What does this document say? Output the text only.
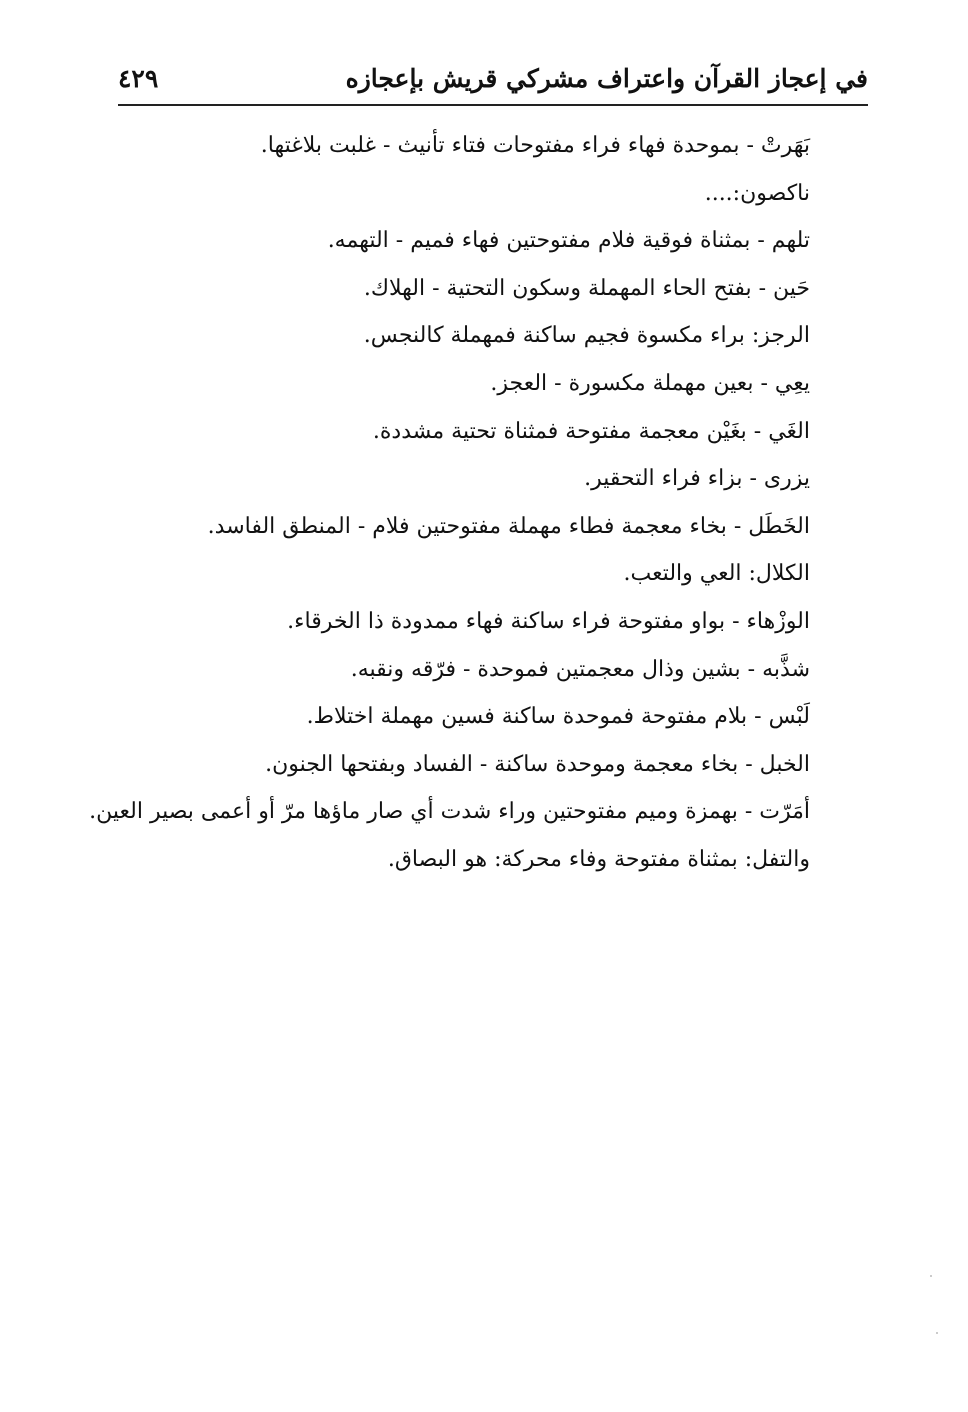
في إعجاز القرآن واعتراف مشركي قريش بإعجازه
٤٢٩
بَهَرتْ - بموحدة فهاء فراء مفتوحات فتاء تأنيث - غلبت بلاغتها.
ناكصون:....
تلهم - بمثناة فوقية فلام مفتوحتين فهاء فميم - التهمه.
حَين - بفتح الحاء المهملة وسكون التحتية - الهلاك.
الرجز: براء مكسوة فجيم ساكنة فمهملة كالنجس.
يعِي - بعين مهملة مكسورة - العجز.
الغَي - بغَيْن معجمة مفتوحة فمثناة تحتية مشددة.
يزرى - بزاء فراء التحقير.
الخَطَل - بخاء معجمة فطاء مهملة مفتوحتين فلام - المنطق الفاسد.
الكلال: العي والتعب.
الوزْهاء - بواو مفتوحة فراء ساكنة فهاء ممدودة ذا الخرقاء.
شذَّبه - بشين وذال معجمتين فموحدة - فرّقه ونقبه.
لَبْس - بلام مفتوحة فموحدة ساكنة فسين مهملة اختلاط.
الخبل - بخاء معجمة وموحدة ساكنة - الفساد وبفتحها الجنون.
أمَرّت - بهمزة وميم مفتوحتين وراء شدت أي صار ماؤها مرّ أو أعمى بصير العين.
والتفل: بمثناة مفتوحة وفاء محركة: هو البصاق.
